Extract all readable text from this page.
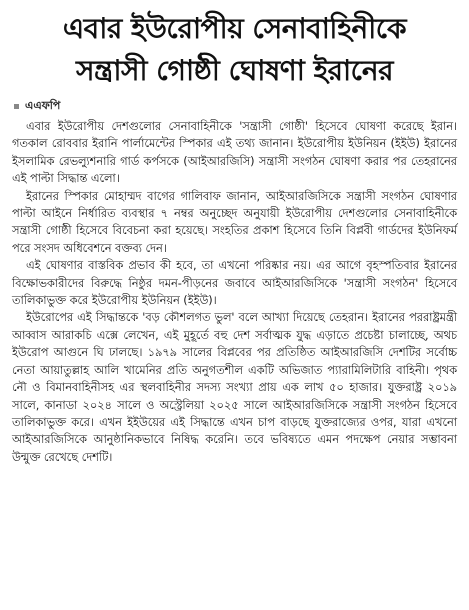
এবার ইউরোপীয় সেনাবাহিনীকে
সন্ত্রাসী গোষ্ঠী ঘোষণা ইরানের
এএফপি

এবার ইউরোপীয় দেশগুলোর সেনাবাহিনীকে 'সন্ত্রাসী গোষ্ঠী' হিসেবে ঘোষণা করেছে ইরান। গতকাল রোববার ইরানি পার্লামেন্টের স্পিকার এই তথ্য জানান। ইউরোপীয় ইউনিয়ন (ইইউ) ইরানের ইসলামিক রেভল্যুশনারি গার্ড কর্পসকে (আইআরজিসি) সন্ত্রাসী সংগঠন ঘোষণা করার পর তেহরানের এই পাল্টা সিদ্ধান্ত এলো।

ইরানের স্পিকার মোহাম্মদ বাগের গালিবাফ জানান, আইআরজিসিকে সন্ত্রাসী সংগঠন ঘোষণার পাল্টা আইনে নির্ধারিত ব্যবস্থার ৭ নম্বর অনুচ্ছেদ অনুযায়ী ইউরোপীয় দেশগুলোর সেনাবাহিনীকে সন্ত্রাসী গোষ্ঠী হিসেবে বিবেচনা করা হয়েছে। সংহতির প্রকাশ হিসেবে তিনি বিপ্লবী গার্ডদের ইউনিফর্ম পরে সংসদ অধিবেশনে বক্তব্য দেন।

এই ঘোষণার বাস্তবিক প্রভাব কী হবে, তা এখনো পরিষ্কার নয়। এর আগে বৃহস্পতিবার ইরানের বিক্ষোভকারীদের বিরুদ্ধে নিষ্ঠুর দমন-পীড়নের জবাবে আইআরজিসিকে 'সন্ত্রাসী সংগঠন' হিসেবে তালিকাভুক্ত করে ইউরোপীয় ইউনিয়ন (ইইউ)।

ইউরোপের এই সিদ্ধান্তকে 'বড় কৌশলগত ভুল' বলে আখ্যা দিয়েছে তেহরান। ইরানের পররাষ্ট্রমন্ত্রী আব্বাস আরাকচি এক্সে লেখেন, এই মুহূর্তে বহু দেশ সর্বাত্মক যুদ্ধ এড়াতে প্রচেষ্টা চালাচ্ছে, অথচ ইউরোপ আগুনে ঘি ঢালছে। ১৯৭৯ সালের বিপ্লবের পর প্রতিষ্ঠিত আইআরজিসি দেশটির সর্বোচ্চ নেতা আয়াতুল্লাহ আলি খামেনির প্রতি অনুগতশীল একটি অভিজাত প্যারামিলিটারি বাহিনী। পৃথক নৌ ও বিমানবাহিনীসহ এর স্থলবাহিনীর সদস্য সংখ্যা প্রায় এক লাখ ৫০ হাজার। যুক্তরাষ্ট্র ২০১৯ সালে, কানাডা ২০২৪ সালে ও অস্ট্রেলিয়া ২০২৫ সালে আইআরজিসিকে সন্ত্রাসী সংগঠন হিসেবে তালিকাভুক্ত করে। এখন ইইউয়ের এই সিদ্ধান্তে এখন চাপ বাড়ছে যুক্তরাজ্যের ওপর, যারা এখনো আইআরজিসিকে আনুষ্ঠানিকভাবে নিষিদ্ধ করেনি। তবে ভবিষ্যতে এমন পদক্ষেপ নেয়ার সম্ভাবনা উন্মুক্ত রেখেছে দেশটি।
